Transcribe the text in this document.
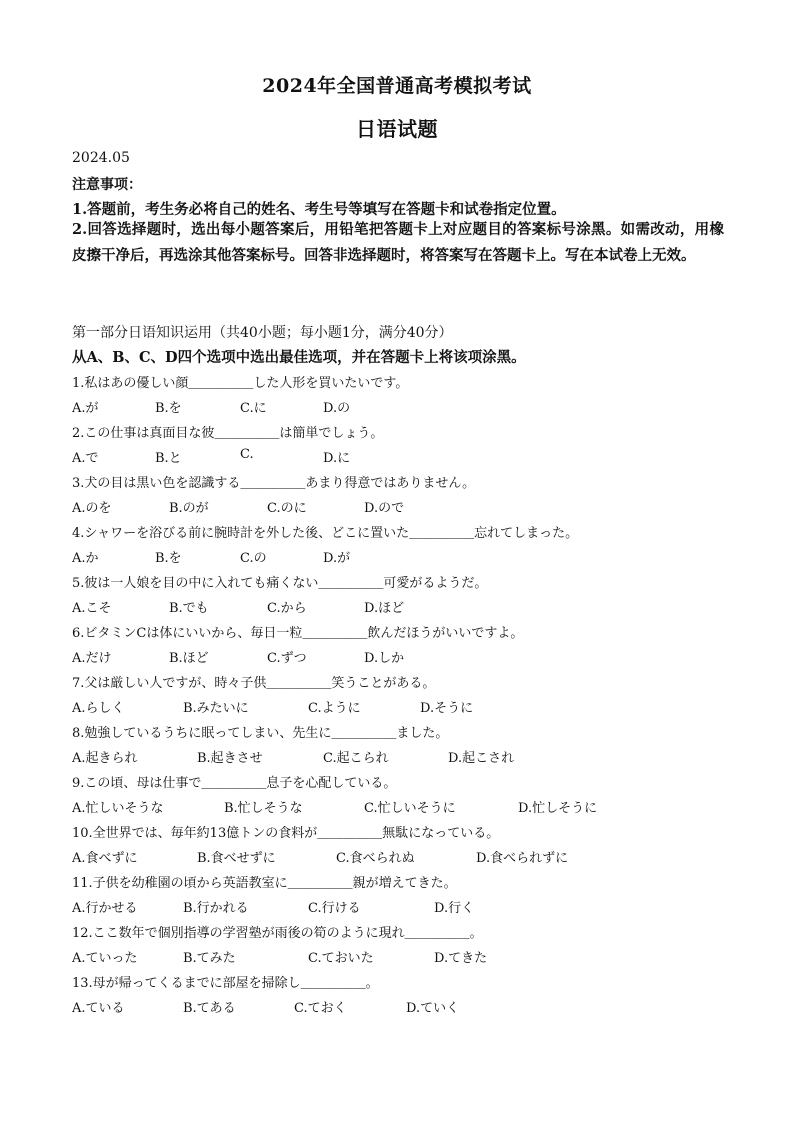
2024年全国普通高考模拟考试
日语试题
2024.05
注意事项：
1.答题前，考生务必将自己的姓名、考生号等填写在答题卡和试卷指定位置。
2.回答选择题时，选出每小题答案后，用铅笔把答题卡上对应题目的答案标号涂黑。如需改动，用橡皮擦干净后，再选涂其他答案标号。回答非选择题时，将答案写在答题卡上。写在本试卷上无效。
第一部分日语知识运用（共40小题；每小题1分，满分40分）
从A、B、C、D四个选项中选出最佳选项，并在答题卡上将该项涂黑。
1.私はあの優しい顔＿＿＿＿＿した人形を買いたいです。
A.が	B.を	C.に	D.の
2.この仕事は真面目な彼＿＿＿＿＿は簡単でしょう。
A.で	B.と	C.	D.に
3.犬の目は黒い色を認識する＿＿＿＿＿あまり得意ではありません。
A.のを	B.のが	C.のに	D.ので
4.シャワーを浴びる前に腕時計を外した後、どこに置いた＿＿＿＿＿忘れてしまった。
A.か	B.を	C.の	D.が
5.彼は一人娘を目の中に入れても痛くない＿＿＿＿＿可愛がるようだ。
A.こそ	B.でも	C.から	D.ほど
6.ビタミンCは体にいいから、毎日一粒＿＿＿＿＿飲んだほうがいいですよ。
A.だけ	B.ほど	C.ずつ	D.しか
7.父は厳しい人ですが、時々子供＿＿＿＿＿笑うことがある。
A.らしく	B.みたいに	C.ように	D.そうに
8.勉強しているうちに眠ってしまい、先生に＿＿＿＿＿ました。
A.起きられ	B.起きさせ	C.起こられ	D.起こされ
9.この頃、母は仕事で＿＿＿＿＿息子を心配している。
A.忙しいそうな	B.忙しそうな	C.忙しいそうに	D.忙しそうに
10.全世界では、毎年約13億トンの食料が＿＿＿＿＿無駄になっている。
A.食べずに	B.食べせずに	C.食べられぬ	D.食べられずに
11.子供を幼稚園の頃から英語教室に＿＿＿＿＿親が増えてきた。
A.行かせる	B.行かれる	C.行ける	D.行く
12.ここ数年で個別指導の学習塾が雨後の筍のように現れ＿＿＿＿＿。
A.ていった	B.てみた	C.ておいた	D.てきた
13.母が帰ってくるまでに部屋を掃除し＿＿＿＿＿。
A.ている	B.てある	C.ておく	D.ていく
